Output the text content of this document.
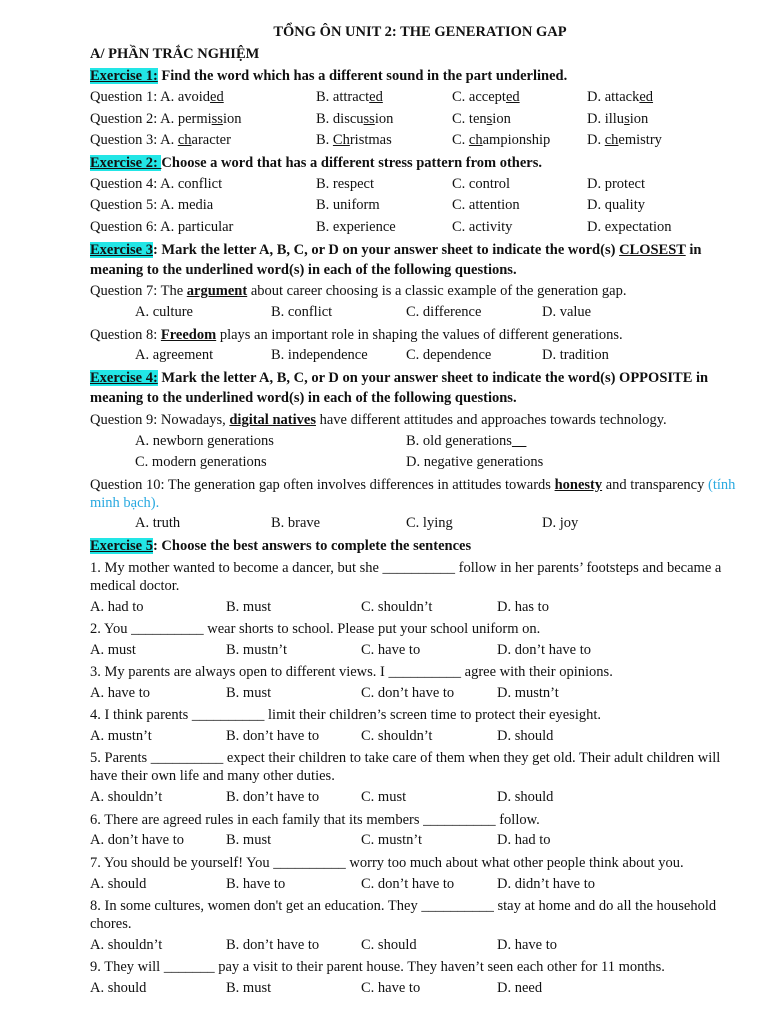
TỔNG ÔN UNIT 2: THE GENERATION GAP
A/ PHẦN TRẮC NGHIỆM
Exercise 1: Find the word which has a different sound in the part underlined.
Question 1: A. avoided	B. attracted	C. accepted	D. attacked
Question 2: A. permission	B. discussion	C. tension	D. illusion
Question 3: A. character	B. Christmas	C. championship	D. chemistry
Exercise 2: Choose a word that has a different stress pattern from others.
Question 4: A. conflict	B. respect	C. control	D. protect
Question 5: A. media	B. uniform	C. attention	D. quality
Question 6: A. particular	B. experience	C. activity	D. expectation
Exercise 3: Mark the letter A, B, C, or D on your answer sheet to indicate the word(s) CLOSEST in meaning to the underlined word(s) in each of the following questions.
Question 7: The argument about career choosing is a classic example of the generation gap.
A. culture	B. conflict	C. difference	D. value
Question 8: Freedom plays an important role in shaping the values of different generations.
A. agreement	B. independence	C. dependence	D. tradition
Exercise 4: Mark the letter A, B, C, or D on your answer sheet to indicate the word(s) OPPOSITE in meaning to the underlined word(s) in each of the following questions.
Question 9: Nowadays, digital natives have different attitudes and approaches towards technology.
A. newborn generations	B. old generations
C. modern generations	D. negative generations
Question 10: The generation gap often involves differences in attitudes towards honesty and transparency (tính minh bạch).
A. truth	B. brave	C. lying	D. joy
Exercise 5: Choose the best answers to complete the sentences
1. My mother wanted to become a dancer, but she __________ follow in her parents’ footsteps and became a medical doctor.
A. had to	B. must	C. shouldn’t	D. has to
2. You __________ wear shorts to school. Please put your school uniform on.
A. must	B. mustn’t	C. have to	D. don’t have to
3. My parents are always open to different views. I __________ agree with their opinions.
A. have to	B. must	C. don’t have to	D. mustn’t
4. I think parents __________ limit their children’s screen time to protect their eyesight.
A. mustn’t	B. don’t have to	C. shouldn’t	D. should
5. Parents __________ expect their children to take care of them when they get old. Their adult children will have their own life and many other duties.
A. shouldn’t	B. don’t have to	C. must	D. should
6. There are agreed rules in each family that its members __________ follow.
A. don’t have to	B. must	C. mustn’t	D. had to
7. You should be yourself! You __________ worry too much about what other people think about you.
A. should	B. have to	C. don’t have to	D. didn’t have to
8. In some cultures, women don't get an education. They __________ stay at home and do all the household chores.
A. shouldn’t	B. don’t have to	C. should	D. have to
9. They will _______ pay a visit to their parent house. They haven’t seen each other for 11 months.
A. should	B. must	C. have to	D. need
